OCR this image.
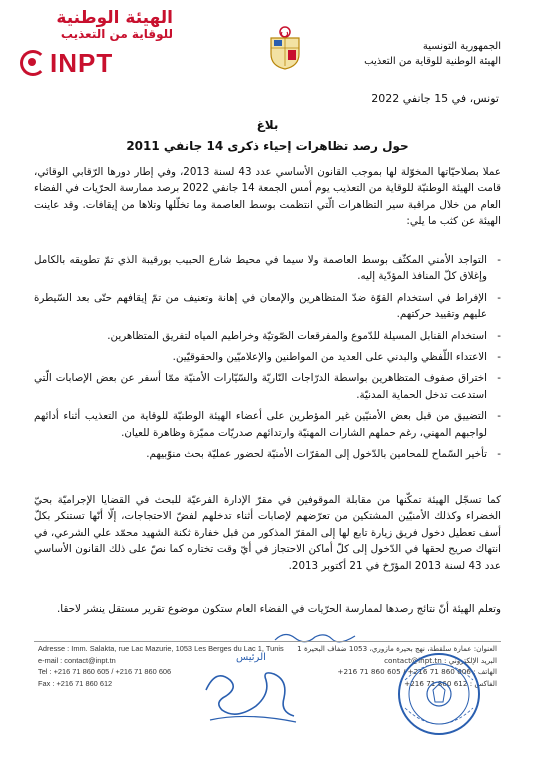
الهيئة الوطنية
للوقاية من التعذيب
INPT
الجمهورية التونسية
الهيئة الوطنية للوقاية من التعذيب
تونس، في 15 جانفي 2022
بلاغ
حول رصد تظاهرات إحياء ذكرى 14 جانفي 2011

عملا بصلاحيّاتها المخوّلة لها بموجب القانون الأساسي عدد 43 لسنة 2013، وفي إطار دورها الرّقابي الوقائي، قامت الهيئة الوطنيّة للوقاية من التعذيب يوم أمس الجمعة 14 جانفي 2022 برصد ممارسة الحرّيات في الفضاء العام من خلال مراقبة سير التظاهرات الّتي انتظمت بوسط العاصمة وما تخلّلها وتلاها من إيقافات. وقد عاينت الهيئة عن كثب ما يلي:

- التواجد الأمني المكثّف بوسط العاصمة ولا سيما في محيط شارع الحبيب بورقيبة الذي تمّ تطويقه بالكامل وإغلاق كلّ المنافذ المؤدّية إليه.

- الإفراط في استخدام القوّة ضدّ المتظاهرين والإمعان في إهانة وتعنيف من تمّ إيقافهم حتّى بعد السّيطرة عليهم وتقييد حركتهم.

- استخدام القنابل المسيلة للدّموع والمفرقعات الصّوتيّة وخراطيم المياه لتفريق المتظاهرين.

- الاعتداء اللّفظي والبدني على العديد من المواطنين والإعلاميّين والحقوقيّين.

- اختراق صفوف المتظاهرين بواسطة الدرّاجات النّاريّة والسّيّارات الأمنيّة ممّا أسفر عن بعض الإصابات الّتي استدعت تدخل الحماية المدنيّة.

- التضييق من قبل بعض الأمنيّين غير المؤطرين على أعضاء الهيئة الوطنيّة للوقاية من التعذيب أثناء أدائهم لواجبهم المهني، رغم حملهم الشارات المهنيّة وارتدائهم صدريّات مميّزة وظاهرة للعيان.

- تأخير السّماح للمحامين بالدّخول إلى المقرّات الأمنيّة لحضور عمليّة بحث منوّبيهم.

كما تسجّل الهيئة تمكّنها من مقابلة الموقوفين في مقرّ الإدارة الفرعيّة للبحث في القضايا الإجراميّة بحيّ الخضراء وكذلك الأمنيّين المشتكين من تعرّضهم لإصابات أثناء تدخلهم لفضّ الاحتجاجات، إلّا أنّها تستنكر بكلّ أسف تعطيل دخول فريق زيارة تابع لها إلى المقرّ المذكور من قبل خفارة ثكنة الشهيد محمّد علي الشرعي، في انتهاك صريح لحقها في الدّخول إلى كلّ أماكن الاحتجاز في أيّ وقت تختاره كما نصّ على ذلك القانون الأساسي عدد 43 لسنة 2013 المؤرّخ في 21 أكتوبر 2013.

وتعلم الهيئة أنّ نتائج رصدها لممارسة الحرّيات في الفضاء العام ستكون موضوع تقرير مستقل ينشر لاحقا.

Adresse : Imm. Salakta, rue Lac Mazurie, 1053 Les Berges du Lac 1, Tunis
e-mail : contact@inpt.tn
Tel : +216 71 860 605 / +216 71 860 606
Fax : +216 71 860 612
العنوان: عمارة سلقطة، نهج بحيرة مازوري، 1053 ضفاف البحيرة 1
البريد الإلكتروني : contact@inpt.tn
الهاتف : 606 860 71 216+ / 605 860 71 216+
الفاكس : 612 860 71 216+
الرئيس
